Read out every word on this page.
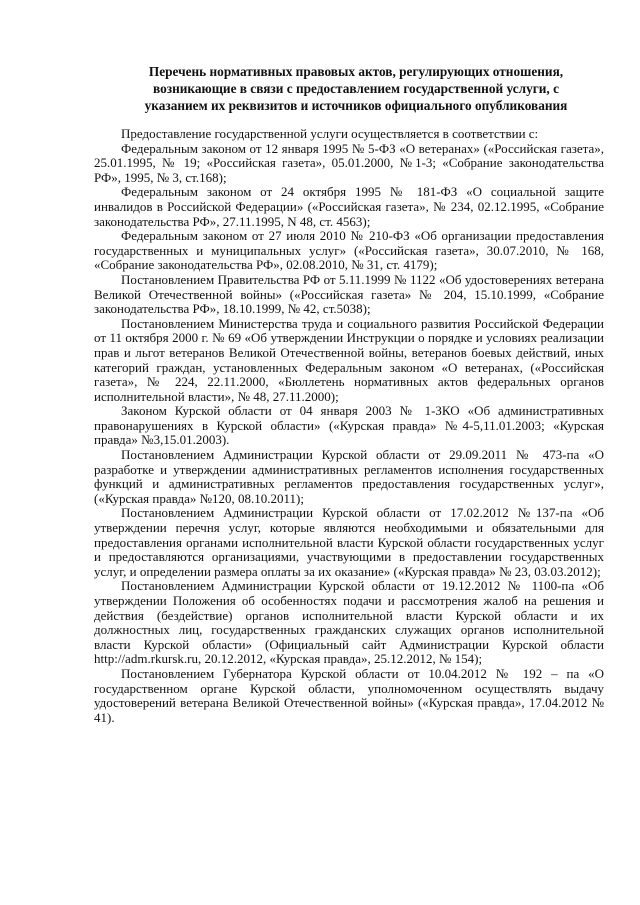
Перечень нормативных правовых актов, регулирующих отношения,
возникающие в связи с предоставлением государственной услуги, с
указанием их реквизитов и источников официального опубликования

Предоставление государственной услуги осуществляется в соответствии с:

Федеральным законом от 12 января 1995 № 5-ФЗ «О ветеранах» («Российская газета», 25.01.1995, № 19; «Российская газета», 05.01.2000, №1-3; «Собрание законодательства РФ», 1995, № 3, ст.168);

Федеральным законом от 24 октября 1995 № 181-ФЗ «О социальной защите инвалидов в Российской Федерации» («Российская газета», № 234, 02.12.1995, «Собрание законодательства РФ», 27.11.1995, N 48, ст. 4563);

Федеральным законом от 27 июля 2010 № 210-ФЗ «Об организации предоставления государственных и муниципальных услуг» («Российская газета», 30.07.2010, № 168, «Собрание законодательства РФ», 02.08.2010, № 31, ст. 4179);

Постановлением Правительства РФ от 5.11.1999 № 1122 «Об удостоверениях ветерана Великой Отечественной войны» («Российская газета» № 204, 15.10.1999, «Собрание законодательства РФ», 18.10.1999, № 42, ст.5038);

Постановлением Министерства труда и социального развития Российской Федерации от 11 октября 2000 г. № 69 «Об утверждении Инструкции о порядке и условиях реализации прав и льгот ветеранов Великой Отечественной войны, ветеранов боевых действий, иных категорий граждан, установленных Федеральным законом «О ветеранах, («Российская газета», № 224, 22.11.2000, «Бюллетень нормативных актов федеральных органов исполнительной власти», № 48, 27.11.2000);

Законом Курской области от 04 января 2003 № 1-ЗКО «Об административных правонарушениях в Курской области» («Курская правда» №4-5,11.01.2003; «Курская правда» №3,15.01.2003).

Постановлением Администрации Курской области от 29.09.2011 № 473-па «О разработке и утверждении административных регламентов исполнения государственных функций и административных регламентов предоставления государственных услуг», («Курская правда» №120, 08.10.2011);

Постановлением Администрации Курской области от 17.02.2012 №137-па «Об утверждении перечня услуг, которые являются необходимыми и обязательными для предоставления органами исполнительной власти Курской области государственных услуг и предоставляются организациями, участвующими в предоставлении государственных услуг, и определении размера оплаты за их оказание» («Курская правда» № 23, 03.03.2012);

Постановлением Администрации Курской области от 19.12.2012 № 1100-па «Об утверждении Положения об особенностях подачи и рассмотрения жалоб на решения и действия (бездействие) органов исполнительной власти Курской области и их должностных лиц, государственных гражданских служащих органов исполнительной власти Курской области» (Официальный сайт Администрации Курской области http://adm.rkursk.ru, 20.12.2012, «Курская правда», 25.12.2012, № 154);

Постановлением Губернатора Курской области от 10.04.2012 № 192 – па «О государственном органе Курской области, уполномоченном осуществлять выдачу удостоверений ветерана Великой Отечественной войны» («Курская правда», 17.04.2012 № 41).
